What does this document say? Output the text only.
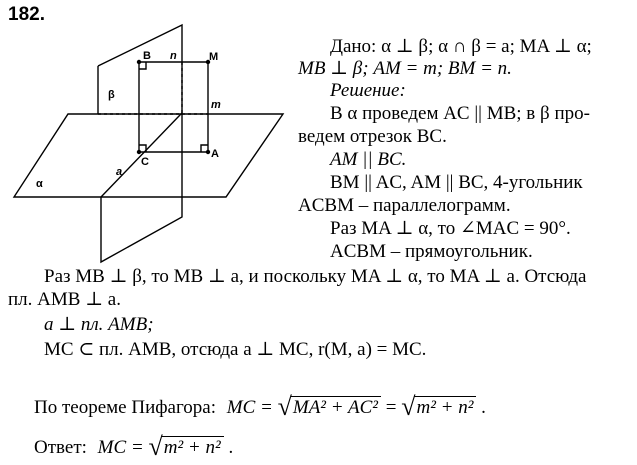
182.
B n	M
β
m
C
A
a
α
Дано: α ⊥ β; α ∩ β = a; MA ⊥ α;
MB ⊥ β; AM = m; BM = n.
Решение:
В α проведем AC || MB; в β про-
ведем отрезок BC.
AM || BC.
BM || AC, AM || BC, 4-угольник
ACBM – параллелограмм.
Раз MA ⊥ α, то ∠MAC = 90°.
ACBM – прямоугольник.
Раз MB ⊥ β, то MB ⊥ a, и поскольку MA ⊥ α, то MA ⊥ a. Отсюда
пл. AMB ⊥ a.
a ⊥ пл. AMB;
MC ⊂ пл. AMB, отсюда a ⊥ MC, r(M, a) = MC.
По теореме Пифагора: MC = √MA² + AC² = √m² + n² .
Ответ: MC = √m² + n² .
